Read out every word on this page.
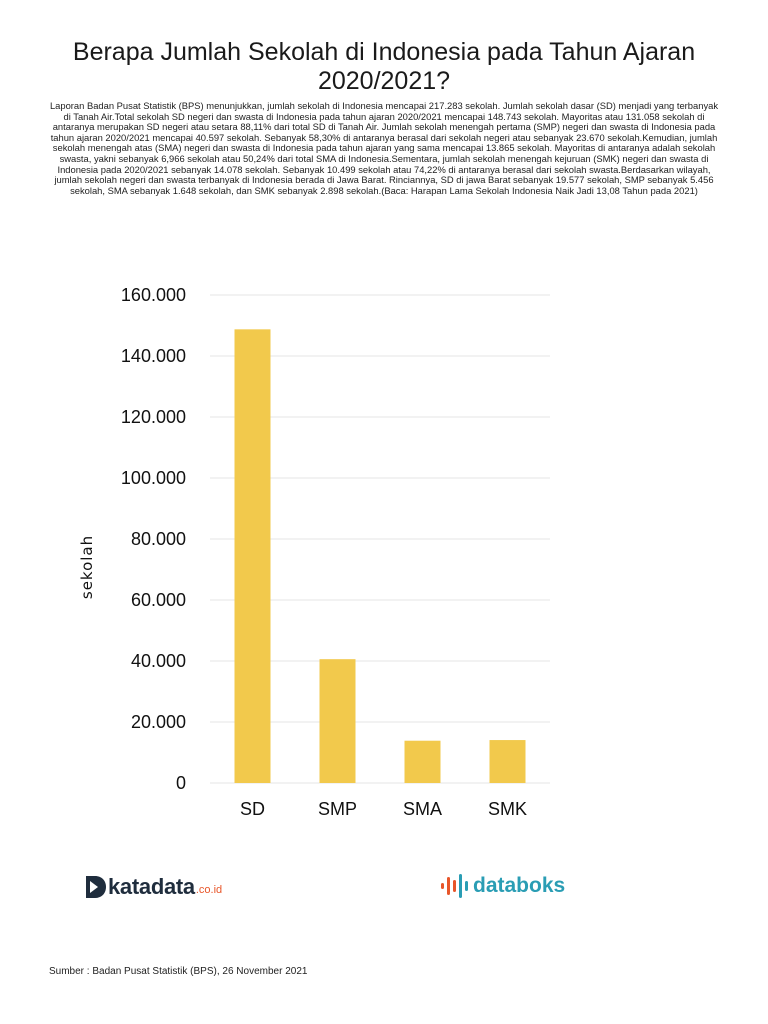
Berapa Jumlah Sekolah di Indonesia pada Tahun Ajaran 2020/2021?

Laporan Badan Pusat Statistik (BPS) menunjukkan, jumlah sekolah di Indonesia mencapai 217.283 sekolah. Jumlah sekolah dasar (SD) menjadi yang terbanyak di Tanah Air.Total sekolah SD negeri dan swasta di Indonesia pada tahun ajaran 2020/2021 mencapai 148.743 sekolah. Mayoritas atau 131.058 sekolah di antaranya merupakan SD negeri atau setara 88,11% dari total SD di Tanah Air. Jumlah sekolah menengah pertama (SMP) negeri dan swasta di Indonesia pada tahun ajaran 2020/2021 mencapai 40.597 sekolah. Sebanyak 58,30% di antaranya berasal dari sekolah negeri atau sebanyak 23.670 sekolah.Kemudian, jumlah sekolah menengah atas (SMA) negeri dan swasta di Indonesia pada tahun ajaran yang sama mencapai 13.865 sekolah. Mayoritas di antaranya adalah sekolah swasta, yakni sebanyak 6,966 sekolah atau 50,24% dari total SMA di Indonesia.Sementara, jumlah sekolah menengah kejuruan (SMK) negeri dan swasta di Indonesia pada 2020/2021 sebanyak 14.078 sekolah. Sebanyak 10.499 sekolah atau 74,22% di antaranya berasal dari sekolah swasta.Berdasarkan wilayah, jumlah sekolah negeri dan swasta terbanyak di Indonesia berada di Jawa Barat. Rinciannya, SD di jawa Barat sebanyak 19.577 sekolah, SMP sebanyak 5.456 sekolah, SMA sebanyak 1.648 sekolah, dan SMK sebanyak 2.898 sekolah.(Baca: Harapan Lama Sekolah Indonesia Naik Jadi 13,08 Tahun pada 2021)

0
20.000
40.000
60.000
80.000
100.000
120.000
140.000
160.000
SD	SMP	SMA	SMK
sekolah
katadata .co.id	databoks

Sumber : Badan Pusat Statistik (BPS), 26 November 2021
